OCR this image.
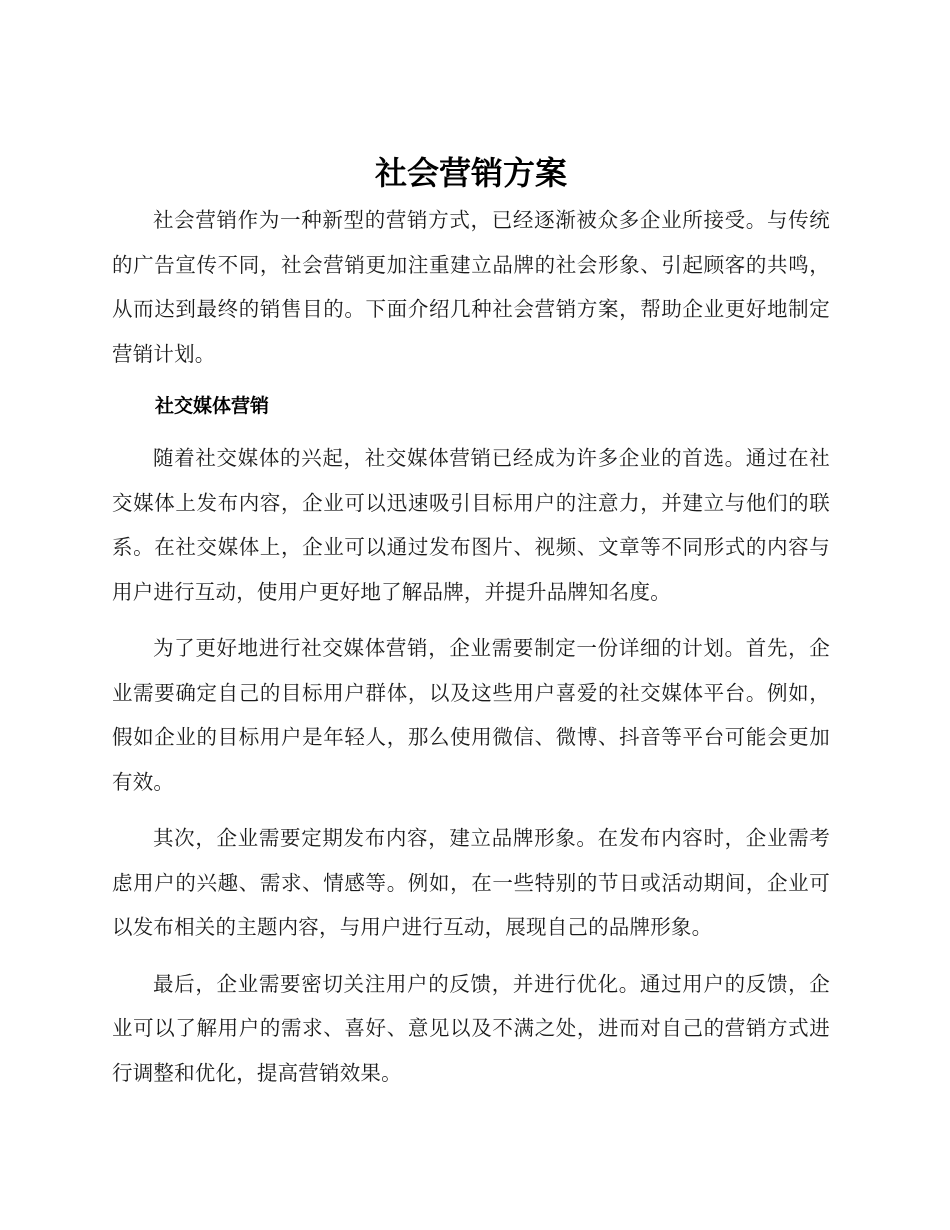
社会营销方案

社会营销作为一种新型的营销方式，已经逐渐被众多企业所接受。与传统的广告宣传不同，社会营销更加注重建立品牌的社会形象、引起顾客的共鸣，从而达到最终的销售目的。下面介绍几种社会营销方案，帮助企业更好地制定营销计划。

社交媒体营销

随着社交媒体的兴起，社交媒体营销已经成为许多企业的首选。通过在社交媒体上发布内容，企业可以迅速吸引目标用户的注意力，并建立与他们的联系。在社交媒体上，企业可以通过发布图片、视频、文章等不同形式的内容与用户进行互动，使用户更好地了解品牌，并提升品牌知名度。

为了更好地进行社交媒体营销，企业需要制定一份详细的计划。首先，企业需要确定自己的目标用户群体，以及这些用户喜爱的社交媒体平台。例如，假如企业的目标用户是年轻人，那么使用微信、微博、抖音等平台可能会更加有效。

其次，企业需要定期发布内容，建立品牌形象。在发布内容时，企业需考虑用户的兴趣、需求、情感等。例如，在一些特别的节日或活动期间，企业可以发布相关的主题内容，与用户进行互动，展现自己的品牌形象。

最后，企业需要密切关注用户的反馈，并进行优化。通过用户的反馈，企业可以了解用户的需求、喜好、意见以及不满之处，进而对自己的营销方式进行调整和优化，提高营销效果。
